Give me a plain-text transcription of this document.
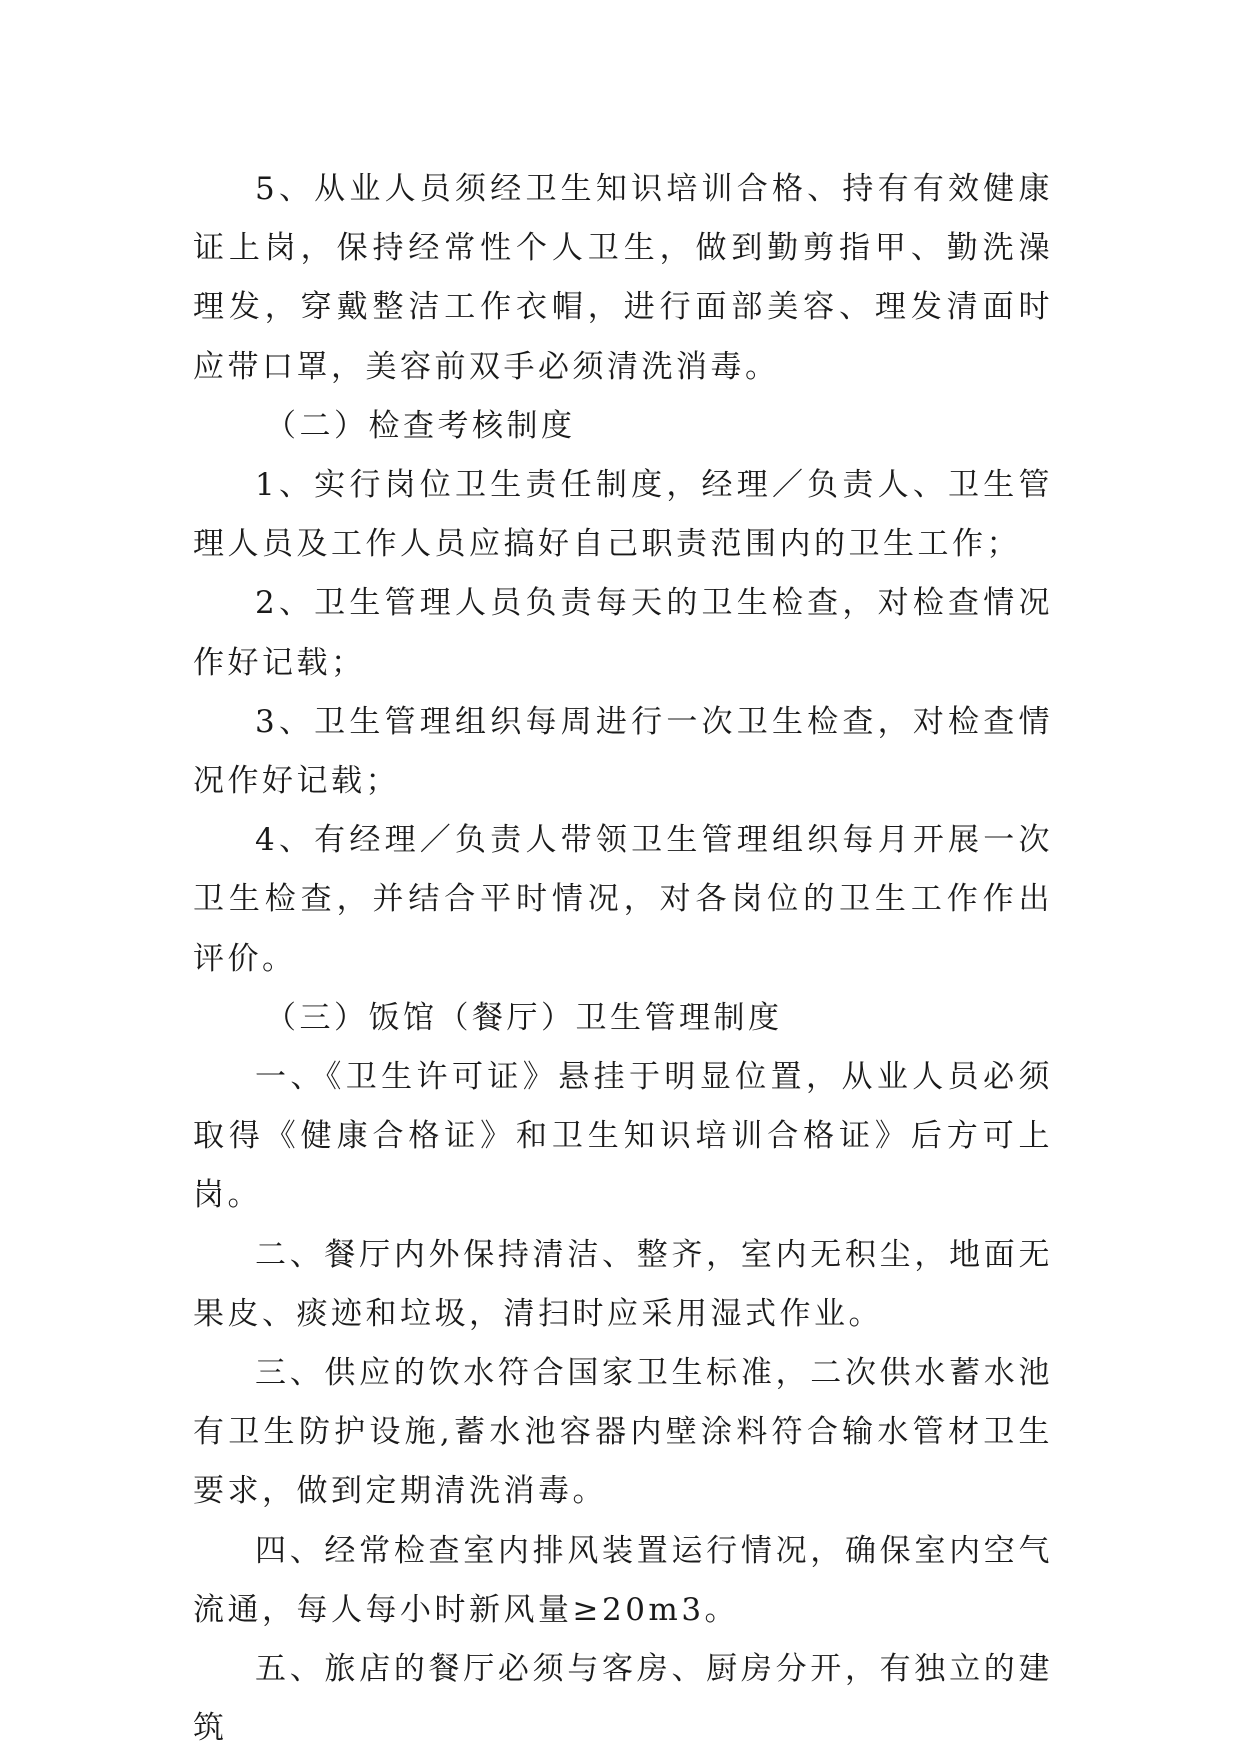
5、从业人员须经卫生知识培训合格、持有有效健康证上岗，保持经常性个人卫生，做到勤剪指甲、勤洗澡理发，穿戴整洁工作衣帽，进行面部美容、理发清面时应带口罩，美容前双手必须清洗消毒。

（二）检查考核制度

1、实行岗位卫生责任制度，经理／负责人、卫生管理人员及工作人员应搞好自己职责范围内的卫生工作；

2、卫生管理人员负责每天的卫生检查，对检查情况作好记载；

3、卫生管理组织每周进行一次卫生检查，对检查情况作好记载；

4、有经理／负责人带领卫生管理组织每月开展一次卫生检查，并结合平时情况，对各岗位的卫生工作作出评价。

（三）饭馆（餐厅）卫生管理制度

一、《卫生许可证》悬挂于明显位置，从业人员必须取得《健康合格证》和卫生知识培训合格证》后方可上岗。

二、餐厅内外保持清洁、整齐，室内无积尘，地面无果皮、痰迹和垃圾，清扫时应采用湿式作业。

三、供应的饮水符合国家卫生标准，二次供水蓄水池有卫生防护设施,蓄水池容器内壁涂料符合输水管材卫生要求，做到定期清洗消毒。

四、经常检查室内排风装置运行情况，确保室内空气流通，每人每小时新风量≥20m3。

五、旅店的餐厅必须与客房、厨房分开，有独立的建筑
